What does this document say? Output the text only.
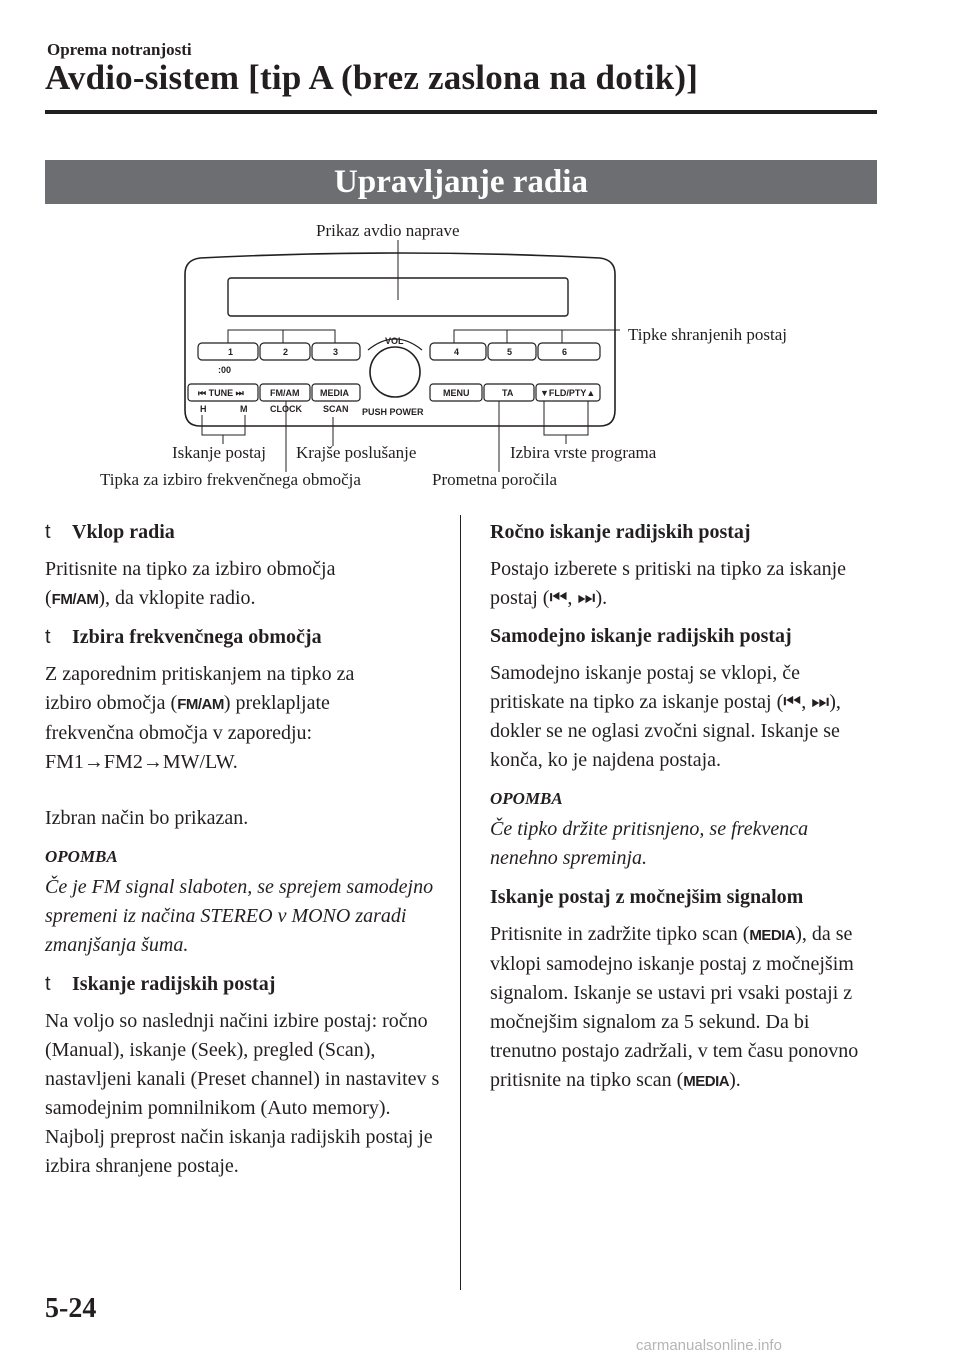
Oprema notranjosti
Avdio-sistem [tip A (brez zaslona na dotik)]
Upravljanje radia
1	2	3	4	5	6
:00
VOL
PUSH POWER
⏮ TUNE ⏭	FM/AM MEDIA
H	M	CLOCK SCAN
MENU	TA	▼FLD/PTY▲
Prikaz avdio naprave
Tipke shranjenih postaj
Iskanje postaj Krajše poslušanje	Izbira vrste programa
Tipka za izbiro frekvenčnega območja	Prometna poročila
t Vklop radia

Pritisnite na tipko za izbiro območja
(FM/AM), da vklopite radio.

t Izbira frekvenčnega območja

Z zaporednim pritiskanjem na tipko za
izbiro območja (FM/AM) preklapljate
frekvenčna območja v zaporedju:
FM1→FM2→MW/LW.

Izbran način bo prikazan.

OPOMBA
Če je FM signal slaboten, se sprejem samodejno spremeni iz načina STEREO v MONO zaradi zmanjšanja šuma.
t Iskanje radijskih postaj

Na voljo so naslednji načini izbire postaj: ročno (Manual), iskanje (Seek), pregled (Scan), nastavljeni kanali (Preset channel) in nastavitev s samodejnim pomnilnikom (Auto memory). Najbolj preprost način iskanja radijskih postaj je izbira shranjene postaje.

Ročno iskanje radijskih postaj

Postajo izberete s pritiski na tipko za iskanje postaj (⏮, ⏭).

Samodejno iskanje radijskih postaj

Samodejno iskanje postaj se vklopi, če pritiskate na tipko za iskanje postaj (⏮, ⏭), dokler se ne oglasi zvočni signal. Iskanje se konča, ko je najdena postaja.

OPOMBA
Če tipko držite pritisnjeno, se frekvenca nenehno spreminja.
Iskanje postaj z močnejšim signalom

Pritisnite in zadržite tipko scan (MEDIA), da se vklopi samodejno iskanje postaj z močnejšim signalom. Iskanje se ustavi pri vsaki postaji z močnejšim signalom za 5 sekund. Da bi trenutno postajo zadržali, v tem času ponovno pritisnite na tipko scan (MEDIA).

5-24
carmanualsonline.info
